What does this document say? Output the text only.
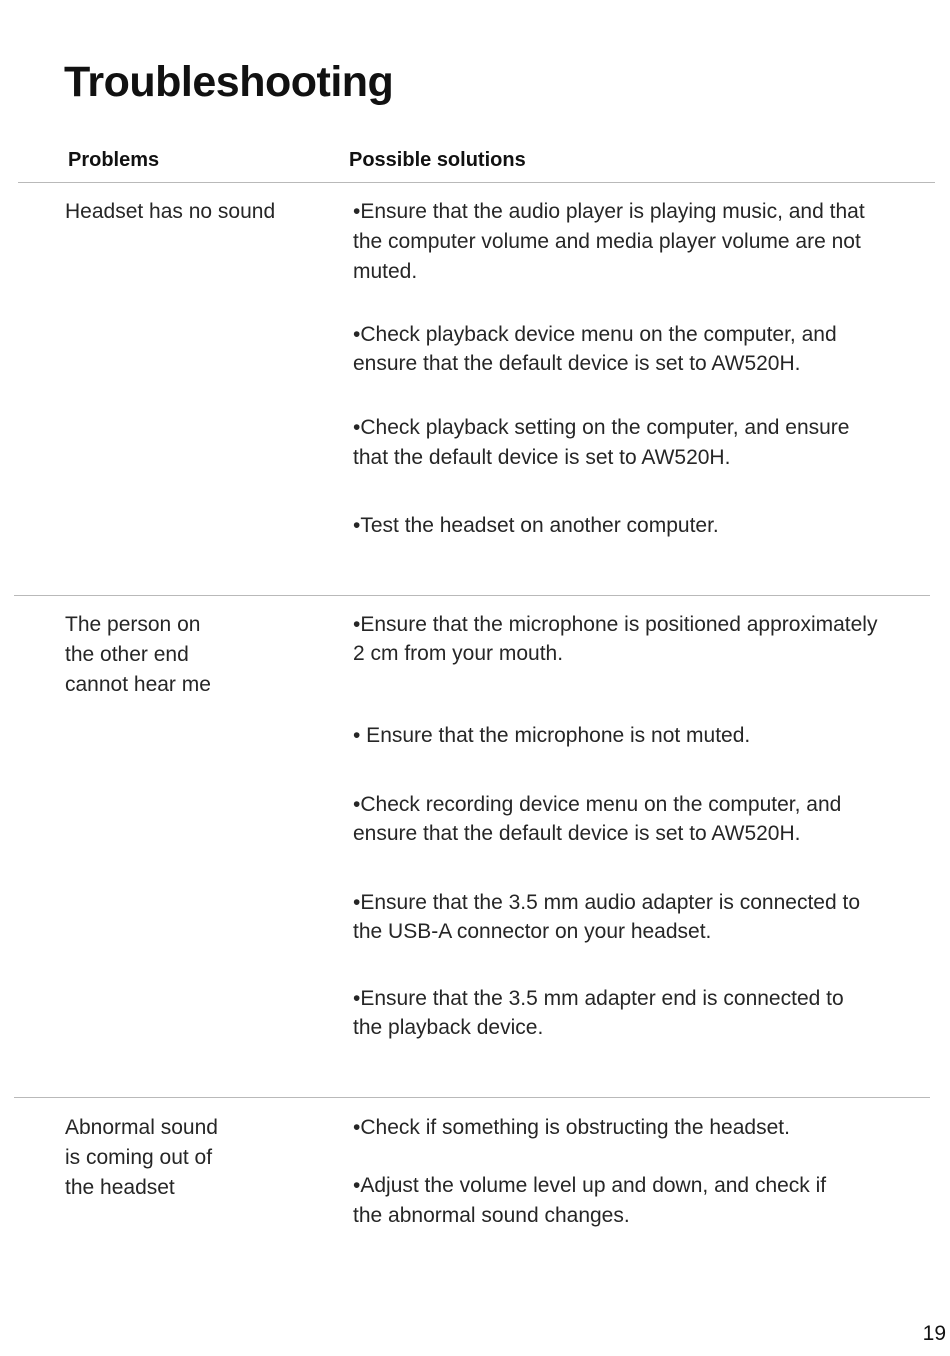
Troubleshooting
Problems	Possible solutions
Headset has no sound	•Ensure that the audio player is playing music, and that
the computer volume and media player volume are not
muted.
•Check playback device menu on the computer, and
ensure that the default device is set to AW520H.
•Check playback setting on the computer, and ensure
that the default device is set to AW520H.
•Test the headset on another computer.
The person on
the other end
cannot hear me
•Ensure that the microphone is positioned approximately
2 cm from your mouth.
• Ensure that the microphone is not muted.
•Check recording device menu on the computer, and
ensure that the default device is set to AW520H.
•Ensure that the 3.5 mm audio adapter is connected to
the USB-A connector on your headset.
•Ensure that the 3.5 mm adapter end is connected to
the playback device.
Abnormal sound
is coming out of
the headset
•Check if something is obstructing the headset.
•Adjust the volume level up and down, and check if
the abnormal sound changes.
19
